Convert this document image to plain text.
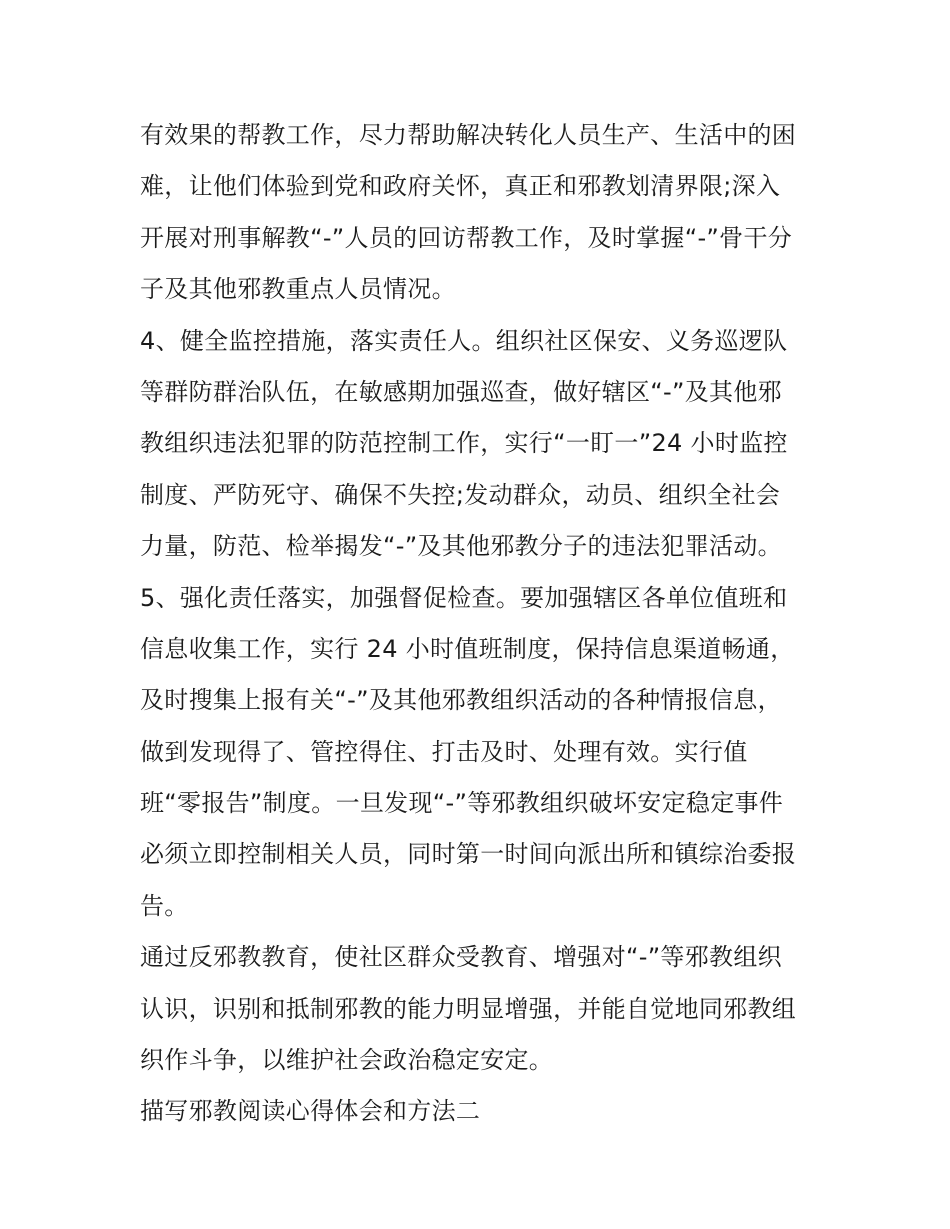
有效果的帮教工作，尽力帮助解决转化人员生产、生活中的困
难，让他们体验到党和政府关怀，真正和邪教划清界限;深入
开展对刑事解教“-”人员的回访帮教工作，及时掌握“-”骨干分
子及其他邪教重点人员情况。
4、健全监控措施，落实责任人。组织社区保安、义务巡逻队
等群防群治队伍，在敏感期加强巡查，做好辖区“-”及其他邪
教组织违法犯罪的防范控制工作，实行“一盯一”24 小时监控
制度、严防死守、确保不失控;发动群众，动员、组织全社会
力量，防范、检举揭发“-”及其他邪教分子的违法犯罪活动。
5、强化责任落实，加强督促检查。要加强辖区各单位值班和
信息收集工作，实行 24 小时值班制度，保持信息渠道畅通，
及时搜集上报有关“-”及其他邪教组织活动的各种情报信息，
做到发现得了、管控得住、打击及时、处理有效。实行值
班“零报告”制度。一旦发现“-”等邪教组织破坏安定稳定事件
必须立即控制相关人员，同时第一时间向派出所和镇综治委报
告。
通过反邪教教育，使社区群众受教育、增强对“-”等邪教组织
认识，识别和抵制邪教的能力明显增强，并能自觉地同邪教组
织作斗争，以维护社会政治稳定安定。
描写邪教阅读心得体会和方法二
